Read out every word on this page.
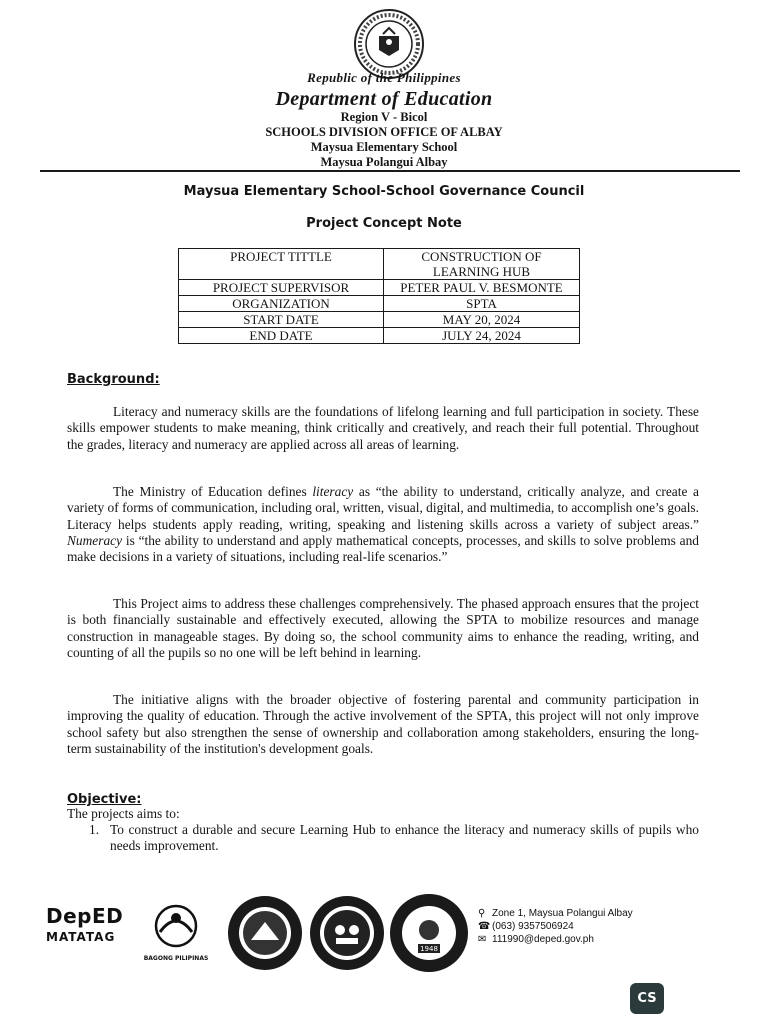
Republic of the Philippines
Department of Education
Region V - Bicol
SCHOOLS DIVISION OFFICE OF ALBAY
Maysua Elementary School
Maysua Polangui Albay
Maysua Elementary School-School Governance Council
Project Concept Note
PROJECT TITTLE	CONSTRUCTION OF LEARNING HUB
PROJECT SUPERVISOR	PETER PAUL V. BESMONTE
ORGANIZATION	SPTA
START DATE	MAY 20, 2024
END DATE	JULY 24, 2024
Background:

Literacy and numeracy skills are the foundations of lifelong learning and full participation in society. These skills empower students to make meaning, think critically and creatively, and reach their full potential. Throughout the grades, literacy and numeracy are applied across all areas of learning.

The Ministry of Education defines literacy as “the ability to understand, critically analyze, and create a variety of forms of communication, including oral, written, visual, digital, and multimedia, to accomplish one’s goals. Literacy helps students apply reading, writing, speaking and listening skills across a variety of subject areas.” Numeracy is “the ability to understand and apply mathematical concepts, processes, and skills to solve problems and make decisions in a variety of situations, including real-life scenarios.”

This Project aims to address these challenges comprehensively. The phased approach ensures that the project is both financially sustainable and effectively executed, allowing the SPTA to mobilize resources and manage construction in manageable stages. By doing so, the school community aims to enhance the reading, writing, and counting of all the pupils so no one will be left behind in learning.

The initiative aligns with the broader objective of fostering parental and community participation in improving the quality of education. Through the active involvement of the SPTA, this project will not only improve school safety but also strengthen the sense of ownership and collaboration among stakeholders, ensuring the long-term sustainability of the institution's development goals.

Objective:
The projects aims to:
1. To construct a durable and secure Learning Hub to enhance the literacy and numeracy skills of pupils who needs improvement.
DepED
MATATAG
BAGONG PILIPINAS
1948
⚲ Zone 1, Maysua Polangui Albay
☎ (063) 9357506924
✉ 111990@deped.gov.ph
CS
